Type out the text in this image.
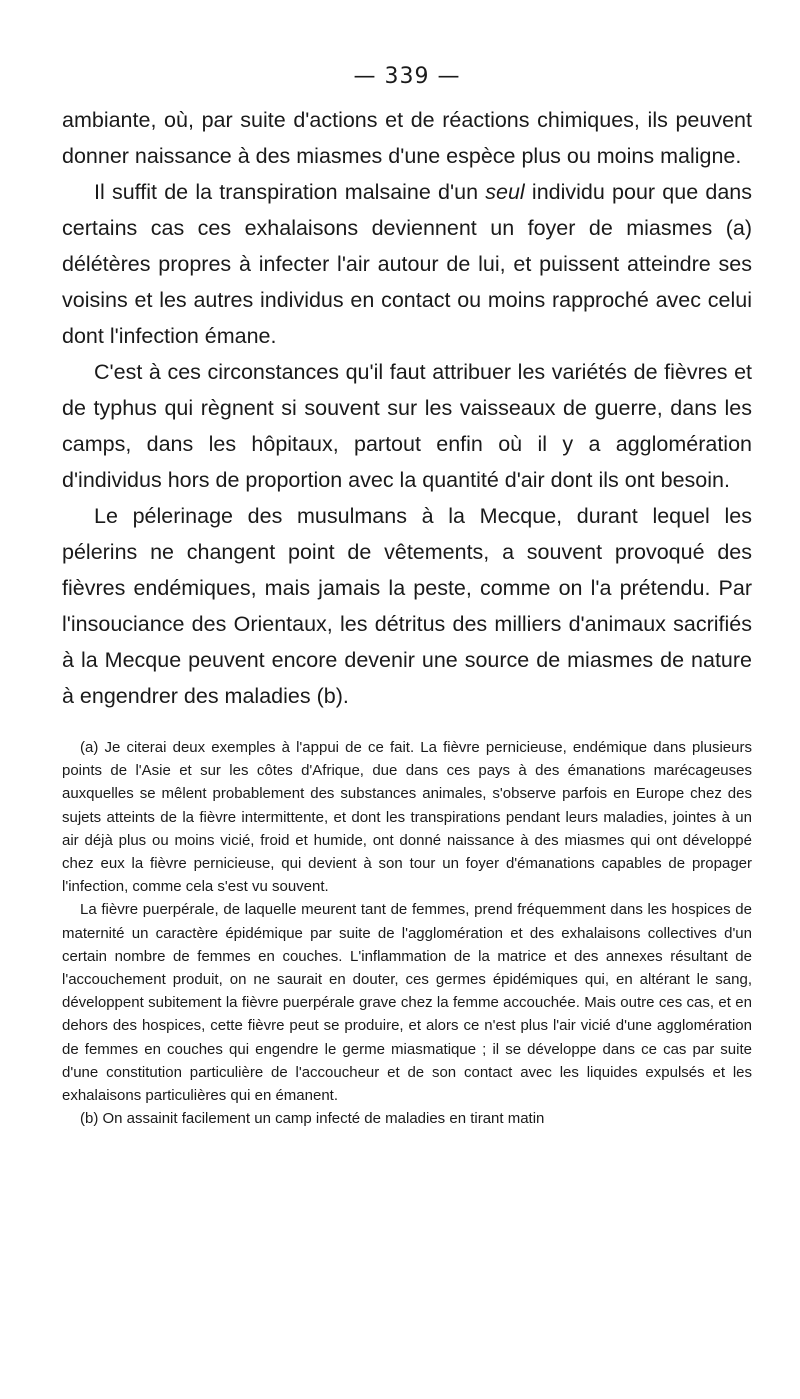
— 339 —

ambiante, où, par suite d'actions et de réactions chimiques, ils peuvent donner naissance à des miasmes d'une espèce plus ou moins maligne.

Il suffit de la transpiration malsaine d'un seul individu pour que dans certains cas ces exhalaisons deviennent un foyer de miasmes (a) délétères propres à infecter l'air autour de lui, et puissent atteindre ses voisins et les autres individus en contact ou moins rapproché avec celui dont l'infection émane.

C'est à ces circonstances qu'il faut attribuer les variétés de fièvres et de typhus qui règnent si souvent sur les vaisseaux de guerre, dans les camps, dans les hôpitaux, partout enfin où il y a agglomération d'individus hors de proportion avec la quantité d'air dont ils ont besoin.

Le pélerinage des musulmans à la Mecque, durant lequel les pélerins ne changent point de vêtements, a souvent provoqué des fièvres endémiques, mais jamais la peste, comme on l'a prétendu. Par l'insouciance des Orientaux, les détritus des milliers d'animaux sacrifiés à la Mecque peuvent encore devenir une source de miasmes de nature à engendrer des maladies (b).

(a) Je citerai deux exemples à l'appui de ce fait. La fièvre pernicieuse, endémique dans plusieurs points de l'Asie et sur les côtes d'Afrique, due dans ces pays à des émanations marécageuses auxquelles se mêlent probablement des substances animales, s'observe parfois en Europe chez des sujets atteints de la fièvre intermittente, et dont les transpirations pendant leurs maladies, jointes à un air déjà plus ou moins vicié, froid et humide, ont donné naissance à des miasmes qui ont développé chez eux la fièvre pernicieuse, qui devient à son tour un foyer d'émanations capables de propager l'infection, comme cela s'est vu souvent.

La fièvre puerpérale, de laquelle meurent tant de femmes, prend fréquemment dans les hospices de maternité un caractère épidémique par suite de l'agglomération et des exhalaisons collectives d'un certain nombre de femmes en couches. L'inflammation de la matrice et des annexes résultant de l'accouchement produit, on ne saurait en douter, ces germes épidémiques qui, en altérant le sang, développent subitement la fièvre puerpérale grave chez la femme accouchée. Mais outre ces cas, et en dehors des hospices, cette fièvre peut se produire, et alors ce n'est plus l'air vicié d'une agglomération de femmes en couches qui engendre le germe miasmatique ; il se développe dans ce cas par suite d'une constitution particulière de l'accoucheur et de son contact avec les liquides expulsés et les exhalaisons particulières qui en émanent.

(b) On assainit facilement un camp infecté de maladies en tirant matin
